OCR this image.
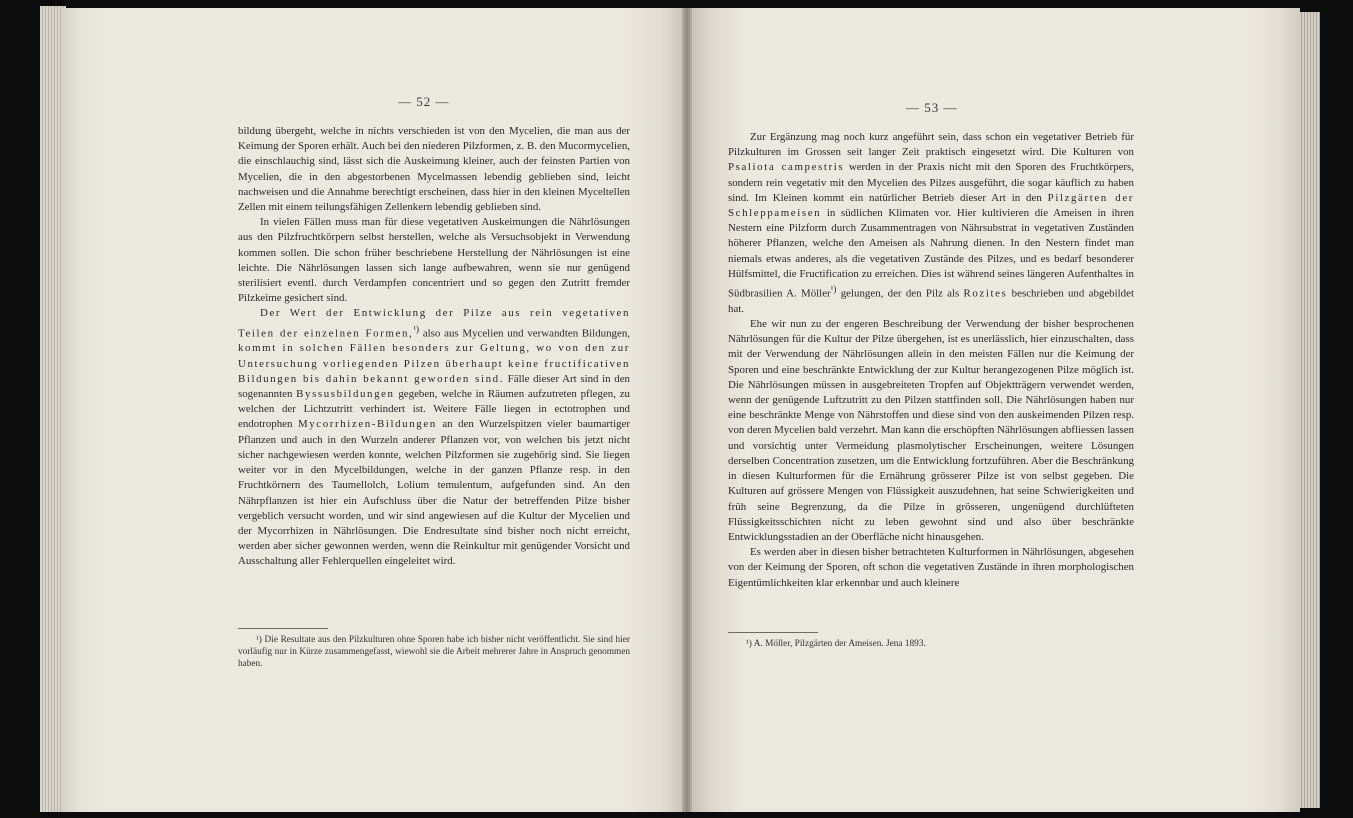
— 52 —

bildung übergeht, welche in nichts verschieden ist von den Mycelien, die man aus der Keimung der Sporen erhält. Auch bei den niederen Pilzformen, z. B. den Mucormycelien, die einschlauchig sind, lässt sich die Auskeimung kleiner, auch der feinsten Partien von Mycelien, die in den abgestorbenen Mycelmassen lebendig geblieben sind, leicht nachweisen und die Annahme berechtigt erscheinen, dass hier in den kleinen Myceltellen Zellen mit einem teilungsfähigen Zellenkern lebendig geblieben sind.

In vielen Fällen muss man für diese vegetativen Auskeimungen die Nährlösungen aus den Pilzfruchtkörpern selbst herstellen, welche als Versuchsobjekt in Verwendung kommen sollen. Die schon früher beschriebene Herstellung der Nährlösungen ist eine leichte. Die Nährlösungen lassen sich lange aufbewahren, wenn sie nur genügend sterilisiert eventl. durch Verdampfen concentriert und so gegen den Zutritt fremder Pilzkeime gesichert sind.

Der Wert der Entwicklung der Pilze aus rein vegetativen Teilen der einzelnen Formen,$^{^1)}$ also aus Mycelien und verwandten Bildungen, kommt in solchen Fällen besonders zur Geltung, wo von den zur Untersuchung vorliegenden Pilzen überhaupt keine fructificativen Bildungen bis dahin bekannt geworden sind. Fälle dieser Art sind in den sogenannten Byssusbildungen gegeben, welche in Räumen aufzutreten pflegen, zu welchen der Lichtzutritt verhindert ist. Weitere Fälle liegen in ectotrophen und endotrophen Mycorrhizen-Bildungen an den Wurzelspitzen vieler baumartiger Pflanzen und auch in den Wurzeln anderer Pflanzen vor, von welchen bis jetzt nicht sicher nachgewiesen werden konnte, welchen Pilzformen sie zugehörig sind. Sie liegen weiter vor in den Mycelbildungen, welche in der ganzen Pflanze resp. in den Fruchtkörnern des Taumellolch, Lolium temulentum, aufgefunden sind. An den Nährpflanzen ist hier ein Aufschluss über die Natur der betreffenden Pilze bisher vergeblich versucht worden, und wir sind angewiesen auf die Kultur der Mycelien und der Mycorrhizen in Nährlösungen. Die Endresultate sind bisher noch nicht erreicht, werden aber sicher gewonnen werden, wenn die Reinkultur mit genügender Vorsicht und Ausschaltung aller Fehlerquellen eingeleitet wird.

¹) Die Resultate aus den Pilzkulturen ohne Sporen habe ich bisher nicht veröffentlicht. Sie sind hier vorläufig nur in Kürze zusammengefasst, wiewohl sie die Arbeit mehrerer Jahre in Anspruch genommen haben.
— 53 —

Zur Ergänzung mag noch kurz angeführt sein, dass schon ein vegetativer Betrieb für Pilzkulturen im Grossen seit langer Zeit praktisch eingesetzt wird. Die Kulturen von Psaliota campestris werden in der Praxis nicht mit den Sporen des Fruchtkörpers, sondern rein vegetativ mit den Mycelien des Pilzes ausgeführt, die sogar käuflich zu haben sind. Im Kleinen kommt ein natürlicher Betrieb dieser Art in den Pilzgärten der Schleppameisen in südlichen Klimaten vor. Hier kultivieren die Ameisen in ihren Nestern eine Pilzform durch Zusammentragen von Nährsubstrat in vegetativen Zuständen höherer Pflanzen, welche den Ameisen als Nahrung dienen. In den Nestern findet man niemals etwas anderes, als die vegetativen Zustände des Pilzes, und es bedarf besonderer Hülfsmittel, die Fructification zu erreichen. Dies ist während seines längeren Aufenthaltes in Südbrasilien A. Möller$^{^1)}$ gelungen, der den Pilz als Rozites beschrieben und abgebildet hat.

Ehe wir nun zu der engeren Beschreibung der Verwendung der bisher besprochenen Nährlösungen für die Kultur der Pilze übergehen, ist es unerlässlich, hier einzuschalten, dass mit der Verwendung der Nährlösungen allein in den meisten Fällen nur die Keimung der Sporen und eine beschränkte Entwicklung der zur Kultur herangezogenen Pilze möglich ist. Die Nährlösungen müssen in ausgebreiteten Tropfen auf Objektträgern verwendet werden, wenn der genügende Luftzutritt zu den Pilzen stattfinden soll. Die Nährlösungen haben nur eine beschränkte Menge von Nährstoffen und diese sind von den auskeimenden Pilzen resp. von deren Mycelien bald verzehrt. Man kann die erschöpften Nährlösungen abfliessen lassen und vorsichtig unter Vermeidung plasmolytischer Erscheinungen, weitere Lösungen derselben Concentration zusetzen, um die Entwicklung fortzuführen. Aber die Beschränkung in diesen Kulturformen für die Ernährung grösserer Pilze ist von selbst gegeben. Die Kulturen auf grössere Mengen von Flüssigkeit auszudehnen, hat seine Schwierigkeiten und früh seine Begrenzung, da die Pilze in grösseren, ungenügend durchlüfteten Flüssigkeitsschichten nicht zu leben gewohnt sind und also über beschränkte Entwicklungsstadien an der Oberfläche nicht hinausgehen.

Es werden aber in diesen bisher betrachteten Kulturformen in Nährlösungen, abgesehen von der Keimung der Sporen, oft schon die vegetativen Zustände in ihren morphologischen Eigentümlichkeiten klar erkennbar und auch kleinere

¹) A. Möller, Pilzgärten der Ameisen. Jena 1893.
